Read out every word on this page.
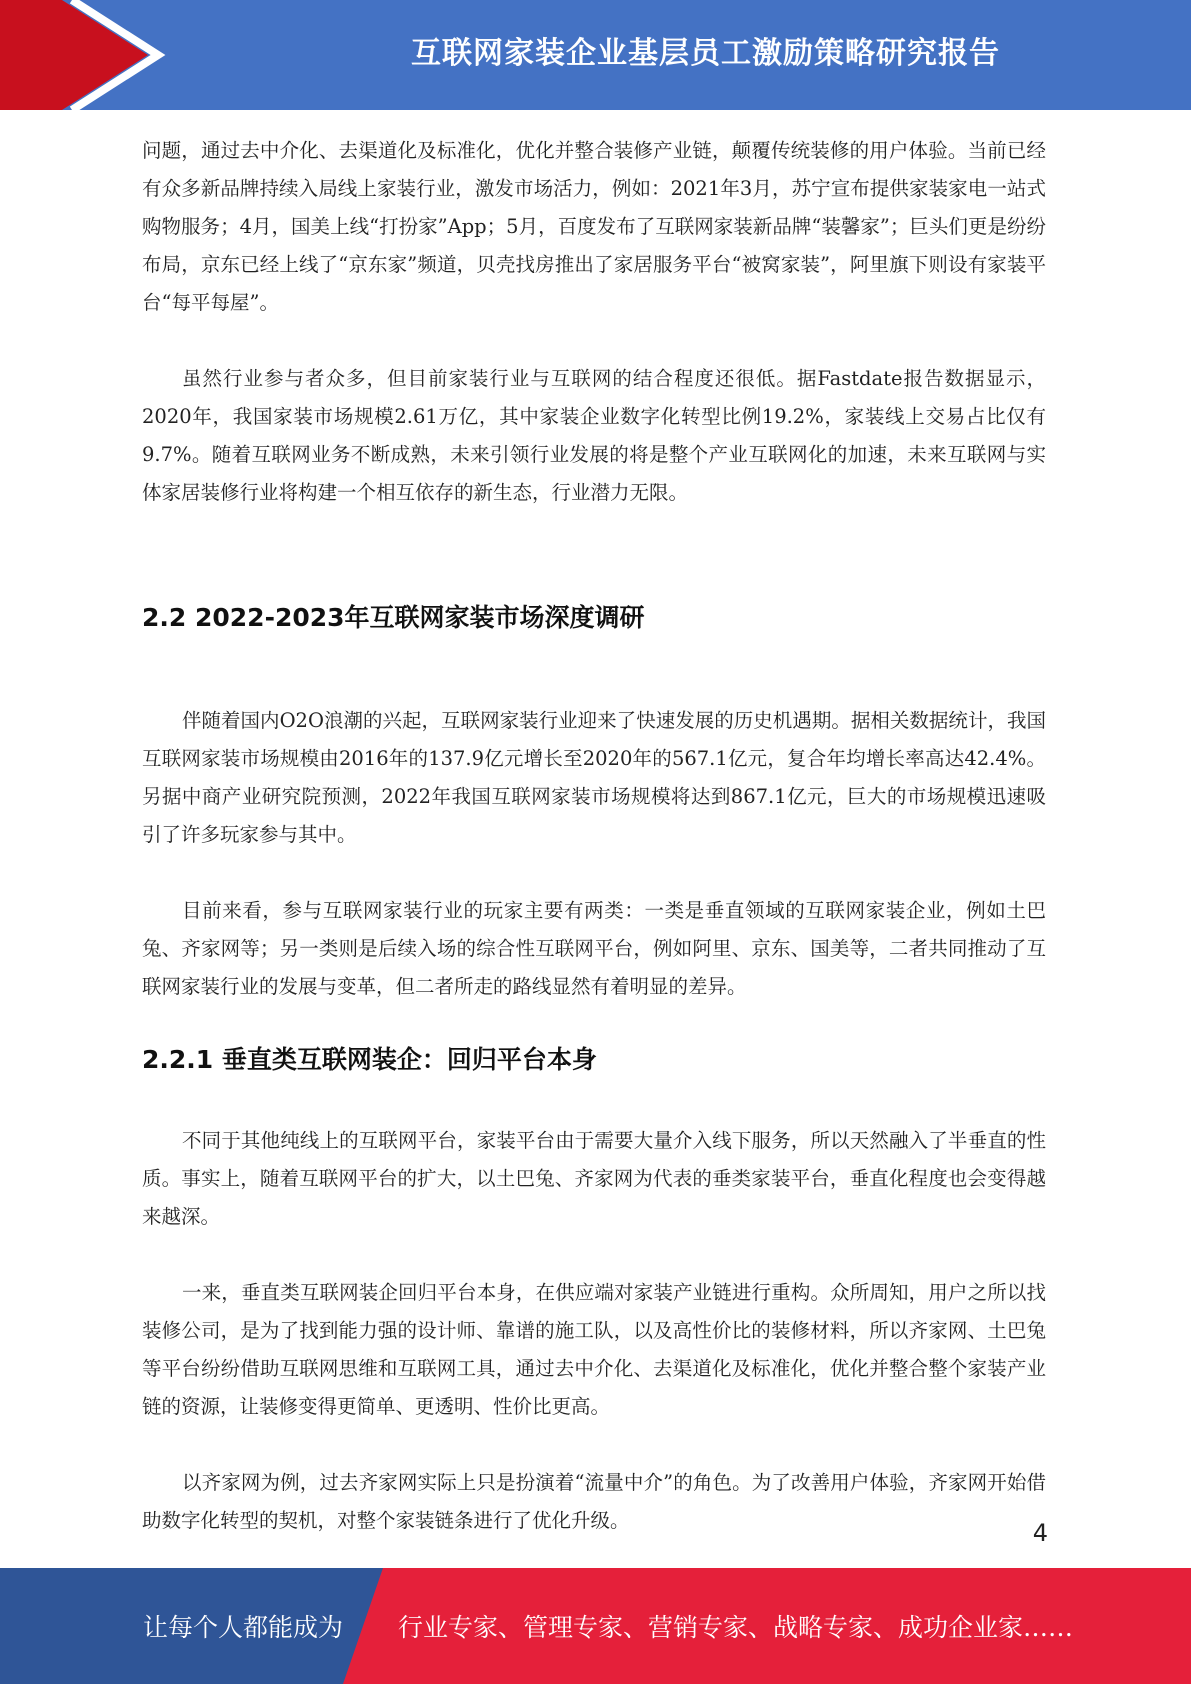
互联网家装企业基层员工激励策略研究报告

问题，通过去中介化、去渠道化及标准化，优化并整合装修产业链，颠覆传统装修的用户体验。当前已经有众多新品牌持续入局线上家装行业，激发市场活力，例如：2021年3月，苏宁宣布提供家装家电一站式购物服务；4月，国美上线“打扮家”App；5月，百度发布了互联网家装新品牌“装馨家”；巨头们更是纷纷布局，京东已经上线了“京东家”频道，贝壳找房推出了家居服务平台“被窝家装”，阿里旗下则设有家装平台“每平每屋”。

虽然行业参与者众多，但目前家装行业与互联网的结合程度还很低。据Fastdate报告数据显示，2020年，我国家装市场规模2.61万亿，其中家装企业数字化转型比例19.2%，家装线上交易占比仅有9.7%。随着互联网业务不断成熟，未来引领行业发展的将是整个产业互联网化的加速，未来互联网与实体家居装修行业将构建一个相互依存的新生态，行业潜力无限。

2.2 2022-2023年互联网家装市场深度调研

伴随着国内O2O浪潮的兴起，互联网家装行业迎来了快速发展的历史机遇期。据相关数据统计，我国互联网家装市场规模由2016年的137.9亿元增长至2020年的567.1亿元，复合年均增长率高达42.4%。另据中商产业研究院预测，2022年我国互联网家装市场规模将达到867.1亿元，巨大的市场规模迅速吸引了许多玩家参与其中。

目前来看，参与互联网家装行业的玩家主要有两类：一类是垂直领域的互联网家装企业，例如土巴兔、齐家网等；另一类则是后续入场的综合性互联网平台，例如阿里、京东、国美等，二者共同推动了互联网家装行业的发展与变革，但二者所走的路线显然有着明显的差异。

2.2.1 垂直类互联网装企：回归平台本身

不同于其他纯线上的互联网平台，家装平台由于需要大量介入线下服务，所以天然融入了半垂直的性质。事实上，随着互联网平台的扩大，以土巴兔、齐家网为代表的垂类家装平台，垂直化程度也会变得越来越深。

一来，垂直类互联网装企回归平台本身，在供应端对家装产业链进行重构。众所周知，用户之所以找装修公司，是为了找到能力强的设计师、靠谱的施工队，以及高性价比的装修材料，所以齐家网、土巴兔等平台纷纷借助互联网思维和互联网工具，通过去中介化、去渠道化及标准化，优化并整合整个家装产业链的资源，让装修变得更简单、更透明、性价比更高。

以齐家网为例，过去齐家网实际上只是扮演着“流量中介”的角色。为了改善用户体验，齐家网开始借助数字化转型的契机，对整个家装链条进行了优化升级。	4
让每个人都能成为 行业专家、管理专家、营销专家、战略专家、成功企业家……
